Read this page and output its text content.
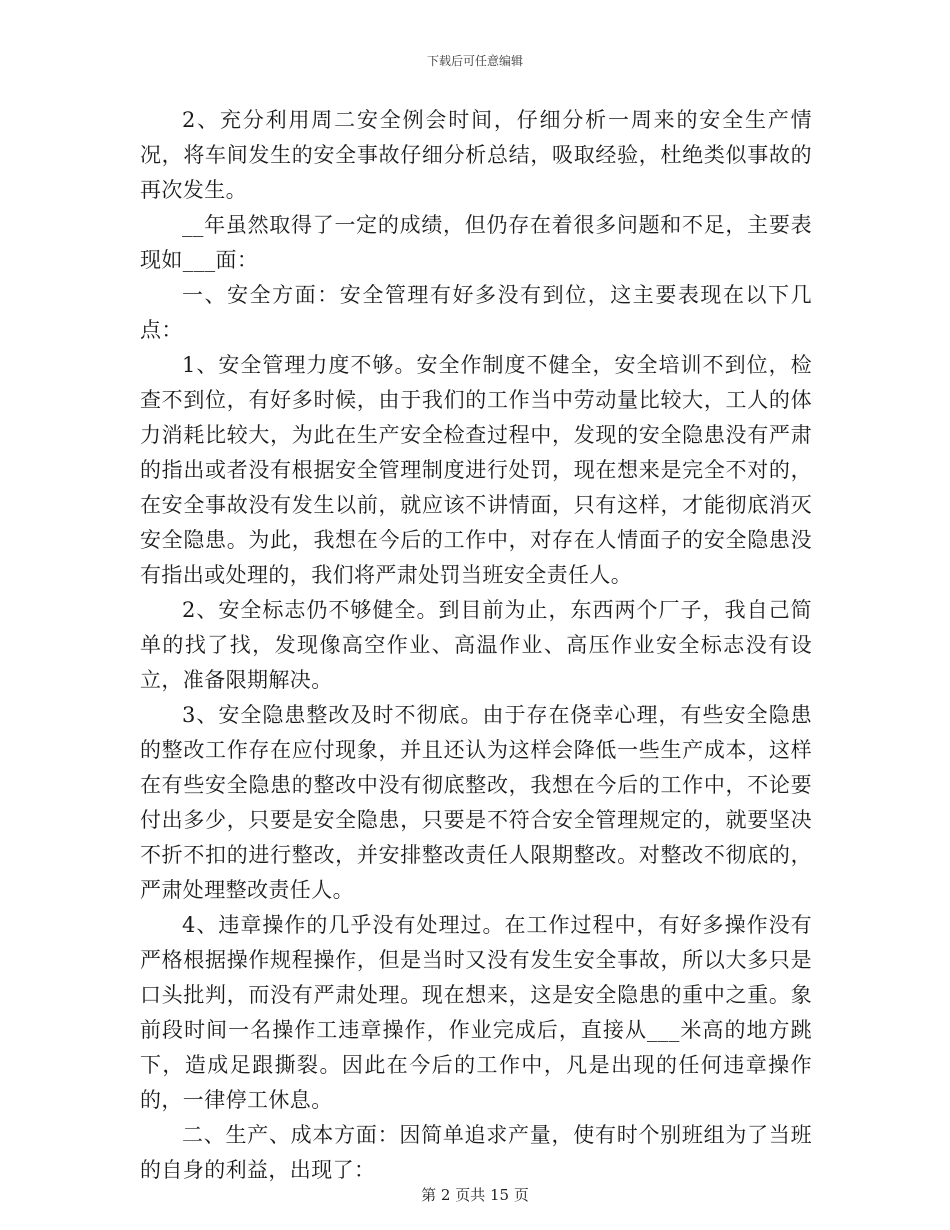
下载后可任意编辑

2、充分利用周二安全例会时间，仔细分析一周来的安全生产情况，将车间发生的安全事故仔细分析总结，吸取经验，杜绝类似事故的再次发生。

__年虽然取得了一定的成绩，但仍存在着很多问题和不足，主要表现如___面：

一、安全方面：安全管理有好多没有到位，这主要表现在以下几点：

1、安全管理力度不够。安全作制度不健全，安全培训不到位，检查不到位，有好多时候，由于我们的工作当中劳动量比较大，工人的体力消耗比较大，为此在生产安全检查过程中，发现的安全隐患没有严肃的指出或者没有根据安全管理制度进行处罚，现在想来是完全不对的，在安全事故没有发生以前，就应该不讲情面，只有这样，才能彻底消灭安全隐患。为此，我想在今后的工作中，对存在人情面子的安全隐患没有指出或处理的，我们将严肃处罚当班安全责任人。

2、安全标志仍不够健全。到目前为止，东西两个厂子，我自己简单的找了找，发现像高空作业、高温作业、高压作业安全标志没有设立，准备限期解决。

3、安全隐患整改及时不彻底。由于存在侥幸心理，有些安全隐患的整改工作存在应付现象，并且还认为这样会降低一些生产成本，这样在有些安全隐患的整改中没有彻底整改，我想在今后的工作中，不论要付出多少，只要是安全隐患，只要是不符合安全管理规定的，就要坚决不折不扣的进行整改，并安排整改责任人限期整改。对整改不彻底的，严肃处理整改责任人。

4、违章操作的几乎没有处理过。在工作过程中，有好多操作没有严格根据操作规程操作，但是当时又没有发生安全事故，所以大多只是口头批判，而没有严肃处理。现在想来，这是安全隐患的重中之重。象前段时间一名操作工违章操作，作业完成后，直接从___米高的地方跳下，造成足跟撕裂。因此在今后的工作中，凡是出现的任何违章操作的，一律停工休息。

二、生产、成本方面：因简单追求产量，使有时个别班组为了当班的自身的利益，出现了：

第 2 页共 15 页
